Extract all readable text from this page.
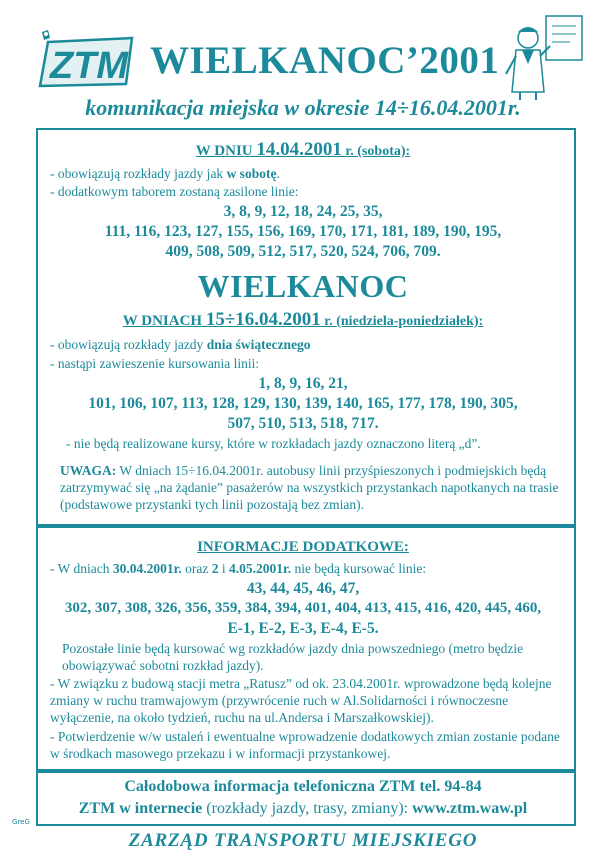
ZTM WIELKANOC’2001
komunikacja miejska w okresie 14÷16.04.2001r.
W DNIU 14.04.2001 r. (sobota):
- obowiązują rozkłady jazdy jak w sobotę.
- dodatkowym taborem zostaną zasilone linie:
3, 8, 9, 12, 18, 24, 25, 35,
111, 116, 123, 127, 155, 156, 169, 170, 171, 181, 189, 190, 195,
409, 508, 509, 512, 517, 520, 524, 706, 709.
WIELKANOC
W DNIACH 15÷16.04.2001 r. (niedziela-poniedziałek):
- obowiązują rozkłady jazdy dnia świątecznego
- nastąpi zawieszenie kursowania linii:
1, 8, 9, 16, 21,
101, 106, 107, 113, 128, 129, 130, 139, 140, 165, 177, 178, 190, 305,
507, 510, 513, 518, 717.
- nie będą realizowane kursy, które w rozkładach jazdy oznaczono literą „d”.
UWAGA: W dniach 15÷16.04.2001r. autobusy linii przyśpieszonych i podmiejskich będą zatrzymywać się „na żądanie” pasażerów na wszystkich przystankach napotkanych na trasie (podstawowe przystanki tych linii pozostają bez zmian).
INFORMACJE DODATKOWE:
- W dniach 30.04.2001r. oraz 2 i 4.05.2001r. nie będą kursować linie:
43, 44, 45, 46, 47,
302, 307, 308, 326, 356, 359, 384, 394, 401, 404, 413, 415, 416, 420, 445, 460,
E-1, E-2, E-3, E-4, E-5.
Pozostałe linie będą kursować wg rozkładów jazdy dnia powszedniego (metro będzie obowiązywać sobotni rozkład jazdy).
- W związku z budową stacji metra „Ratusz” od ok. 23.04.2001r. wprowadzone będą kolejne zmiany w ruchu tramwajowym (przywrócenie ruch w Al.Solidarności i równoczesne wyłączenie, na około tydzień, ruchu na ul.Andersa i Marszałkowskiej).
- Potwierdzenie w/w ustaleń i ewentualne wprowadzenie dodatkowych zmian zostanie podane w środkach masowego przekazu i w informacji przystankowej.
Całodobowa informacja telefoniczna ZTM tel. 94-84
ZTM w internecie (rozkłady jazdy, trasy, zmiany): www.ztm.waw.pl
GreG
ZARZĄD TRANSPORTU MIEJSKIEGO
